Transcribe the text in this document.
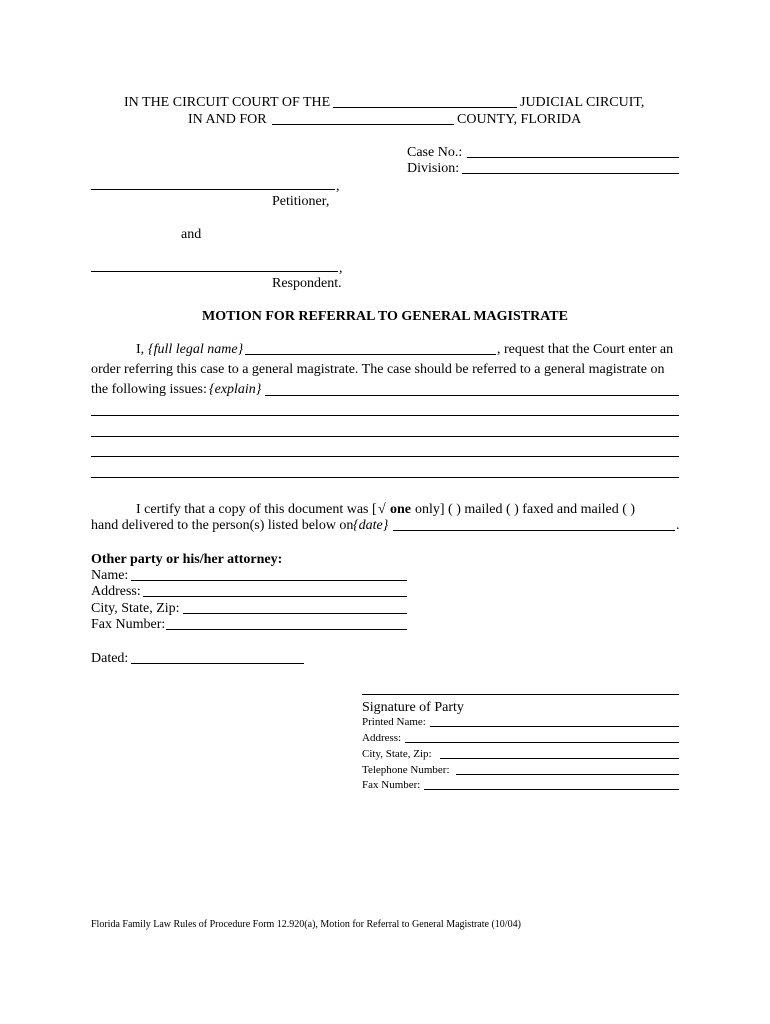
IN THE CIRCUIT COURT OF THE	JUDICIAL CIRCUIT,
IN AND FOR	COUNTY, FLORIDA
Case No.:
Division:
,
Petitioner,
and
,
Respondent.
MOTION FOR REFERRAL TO GENERAL MAGISTRATE
I, {full legal name}	, request that the Court enter an
order referring this case to a general magistrate. The case should be referred to a general magistrate on
the following issues: {explain}
I certify that a copy of this document was [ √ one only] ( ) mailed ( ) faxed and mailed ( )
hand delivered to the person(s) listed below on {date}	.
Other party or his/her attorney:
Name:
Address:
City, State, Zip:
Fax Number:
Dated:
Signature of Party
Printed Name:
Address:
City, State, Zip:
Telephone Number:
Fax Number:
Florida Family Law Rules of Procedure Form 12.920(a), Motion for Referral to General Magistrate (10/04)
